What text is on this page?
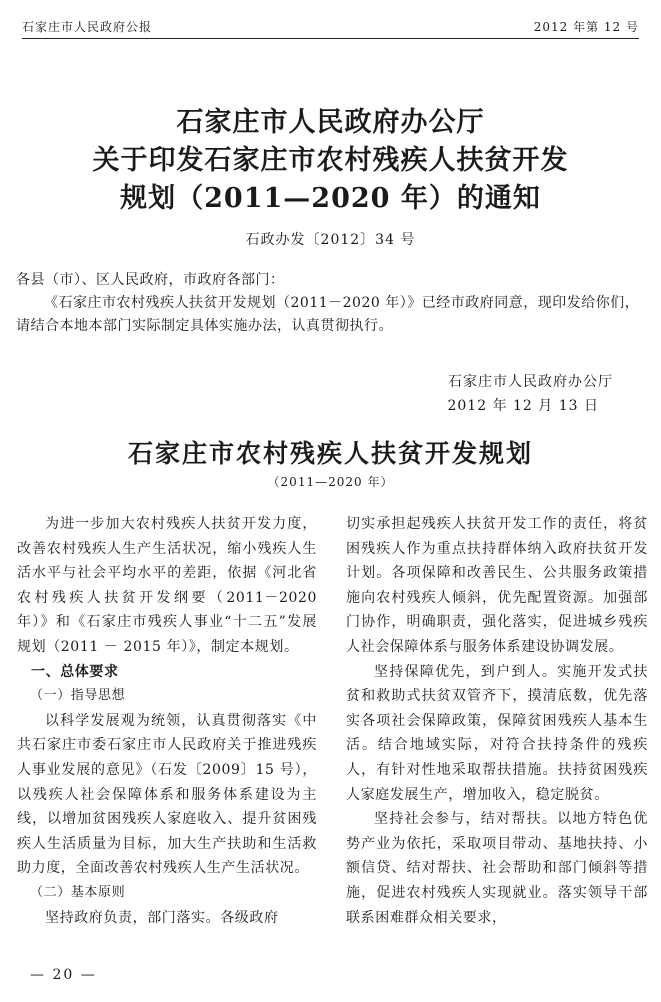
石家庄市人民政府公报	2012 年第 12 号
石家庄市人民政府办公厅
关于印发石家庄市农村残疾人扶贫开发
规划（2011—2020 年）的通知
石政办发〔2012〕34 号
各县（市）、区人民政府，市政府各部门：
《石家庄市农村残疾人扶贫开发规划（2011－2020 年）》已经市政府同意，现印发给你们，请结合本地本部门实际制定具体实施办法，认真贯彻执行。
石家庄市人民政府办公厅
2012 年 12 月 13 日
石家庄市农村残疾人扶贫开发规划
（2011—2020 年）

为进一步加大农村残疾人扶贫开发力度，改善农村残疾人生产生活状况，缩小残疾人生活水平与社会平均水平的差距，依据《河北省农村残疾人扶贫开发纲要（2011－2020 年）》和《石家庄市残疾人事业“十二五”发展规划（2011 － 2015 年）》，制定本规划。

一、总体要求

（一）指导思想

以科学发展观为统领，认真贯彻落实《中共石家庄市委石家庄市人民政府关于推进残疾人事业发展的意见》（石发〔2009〕15 号），以残疾人社会保障体系和服务体系建设为主线，以增加贫困残疾人家庭收入、提升贫困残疾人生活质量为目标，加大生产扶助和生活救助力度，全面改善农村残疾人生产生活状况。

（二）基本原则

坚持政府负责，部门落实。各级政府

切实承担起残疾人扶贫开发工作的责任，将贫困残疾人作为重点扶持群体纳入政府扶贫开发计划。各项保障和改善民生、公共服务政策措施向农村残疾人倾斜，优先配置资源。加强部门协作，明确职责，强化落实，促进城乡残疾人社会保障体系与服务体系建设协调发展。

坚持保障优先，到户到人。实施开发式扶贫和救助式扶贫双管齐下，摸清底数，优先落实各项社会保障政策，保障贫困残疾人基本生活。结合地域实际，对符合扶持条件的残疾人，有针对性地采取帮扶措施。扶持贫困残疾人家庭发展生产，增加收入，稳定脱贫。

坚持社会参与，结对帮扶。以地方特色优势产业为依托，采取项目带动、基地扶持、小额信贷、结对帮扶、社会帮助和部门倾斜等措施，促进农村残疾人实现就业。落实领导干部联系困难群众相关要求，

— 20 —
